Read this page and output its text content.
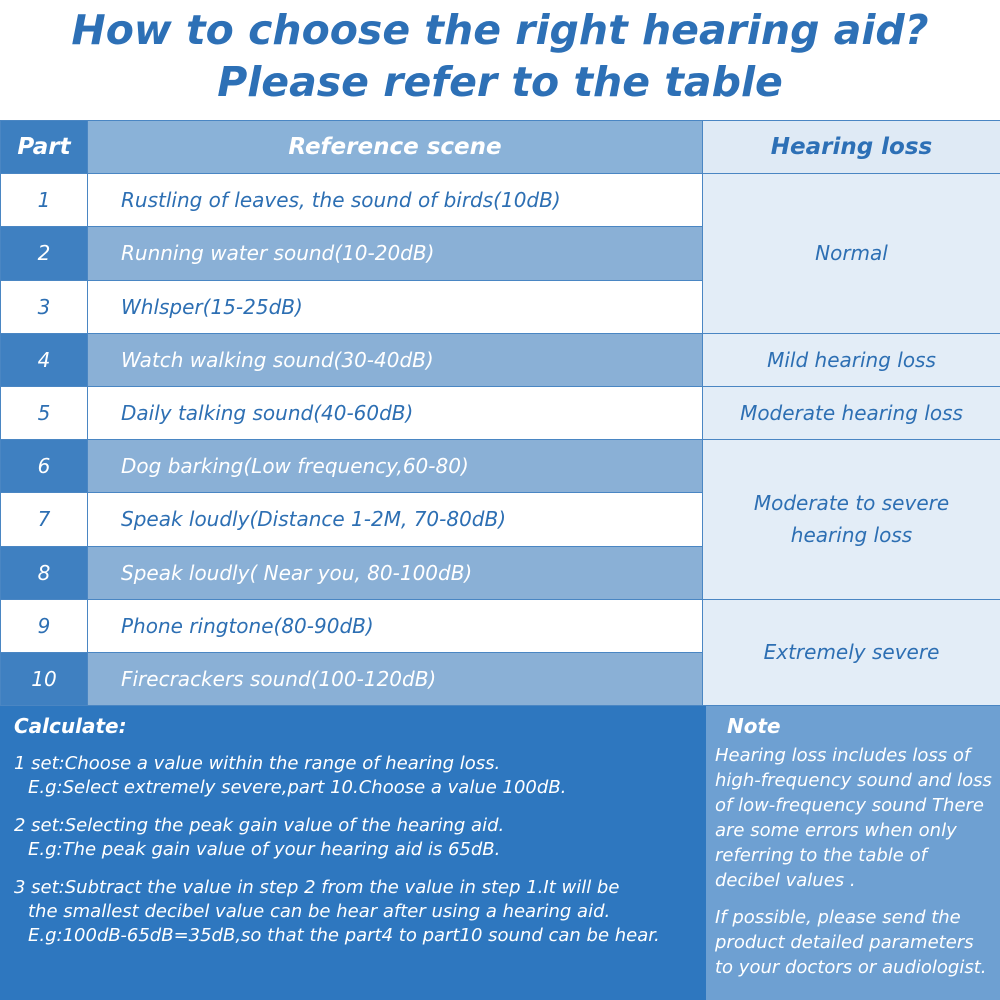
How to choose the right hearing aid?
Please refer to the table
Part	Reference scene	Hearing loss
1	Rustling of leaves, the sound of birds(10dB)	Normal
2	Running water sound(10-20dB)	
3	Whlsper(15-25dB)	
4	Watch walking sound(30-40dB)	Mild hearing loss
5	Daily talking sound(40-60dB)	Moderate hearing loss
6	Dog barking(Low frequency,60-80)	Moderate to severe
hearing loss

7	Speak loudly(Distance 1-2M, 70-80dB)	
8	Speak loudly( Near you, 80-100dB)	
9	Phone ringtone(80-90dB)	Extremely severe
10	Firecrackers sound(100-120dB)	
Calculate:
1 set:Choose a value within the range of hearing loss.
E.g:Select extremely severe,part 10.Choose a value 100dB.
2 set:Selecting the peak gain value of the hearing aid.
E.g:The peak gain value of your hearing aid is 65dB.
3 set:Subtract the value in step 2 from the value in step 1.It will be
the smallest decibel value can be hear after using a hearing aid.
E.g:100dB-65dB=35dB,so that the part4 to part10 sound can be hear.
Note

Hearing loss includes loss of high-frequency sound and loss of low-frequency sound There are some errors when only referring to the table of decibel values .

If possible, please send the product detailed parameters to your doctors or audiologist.
